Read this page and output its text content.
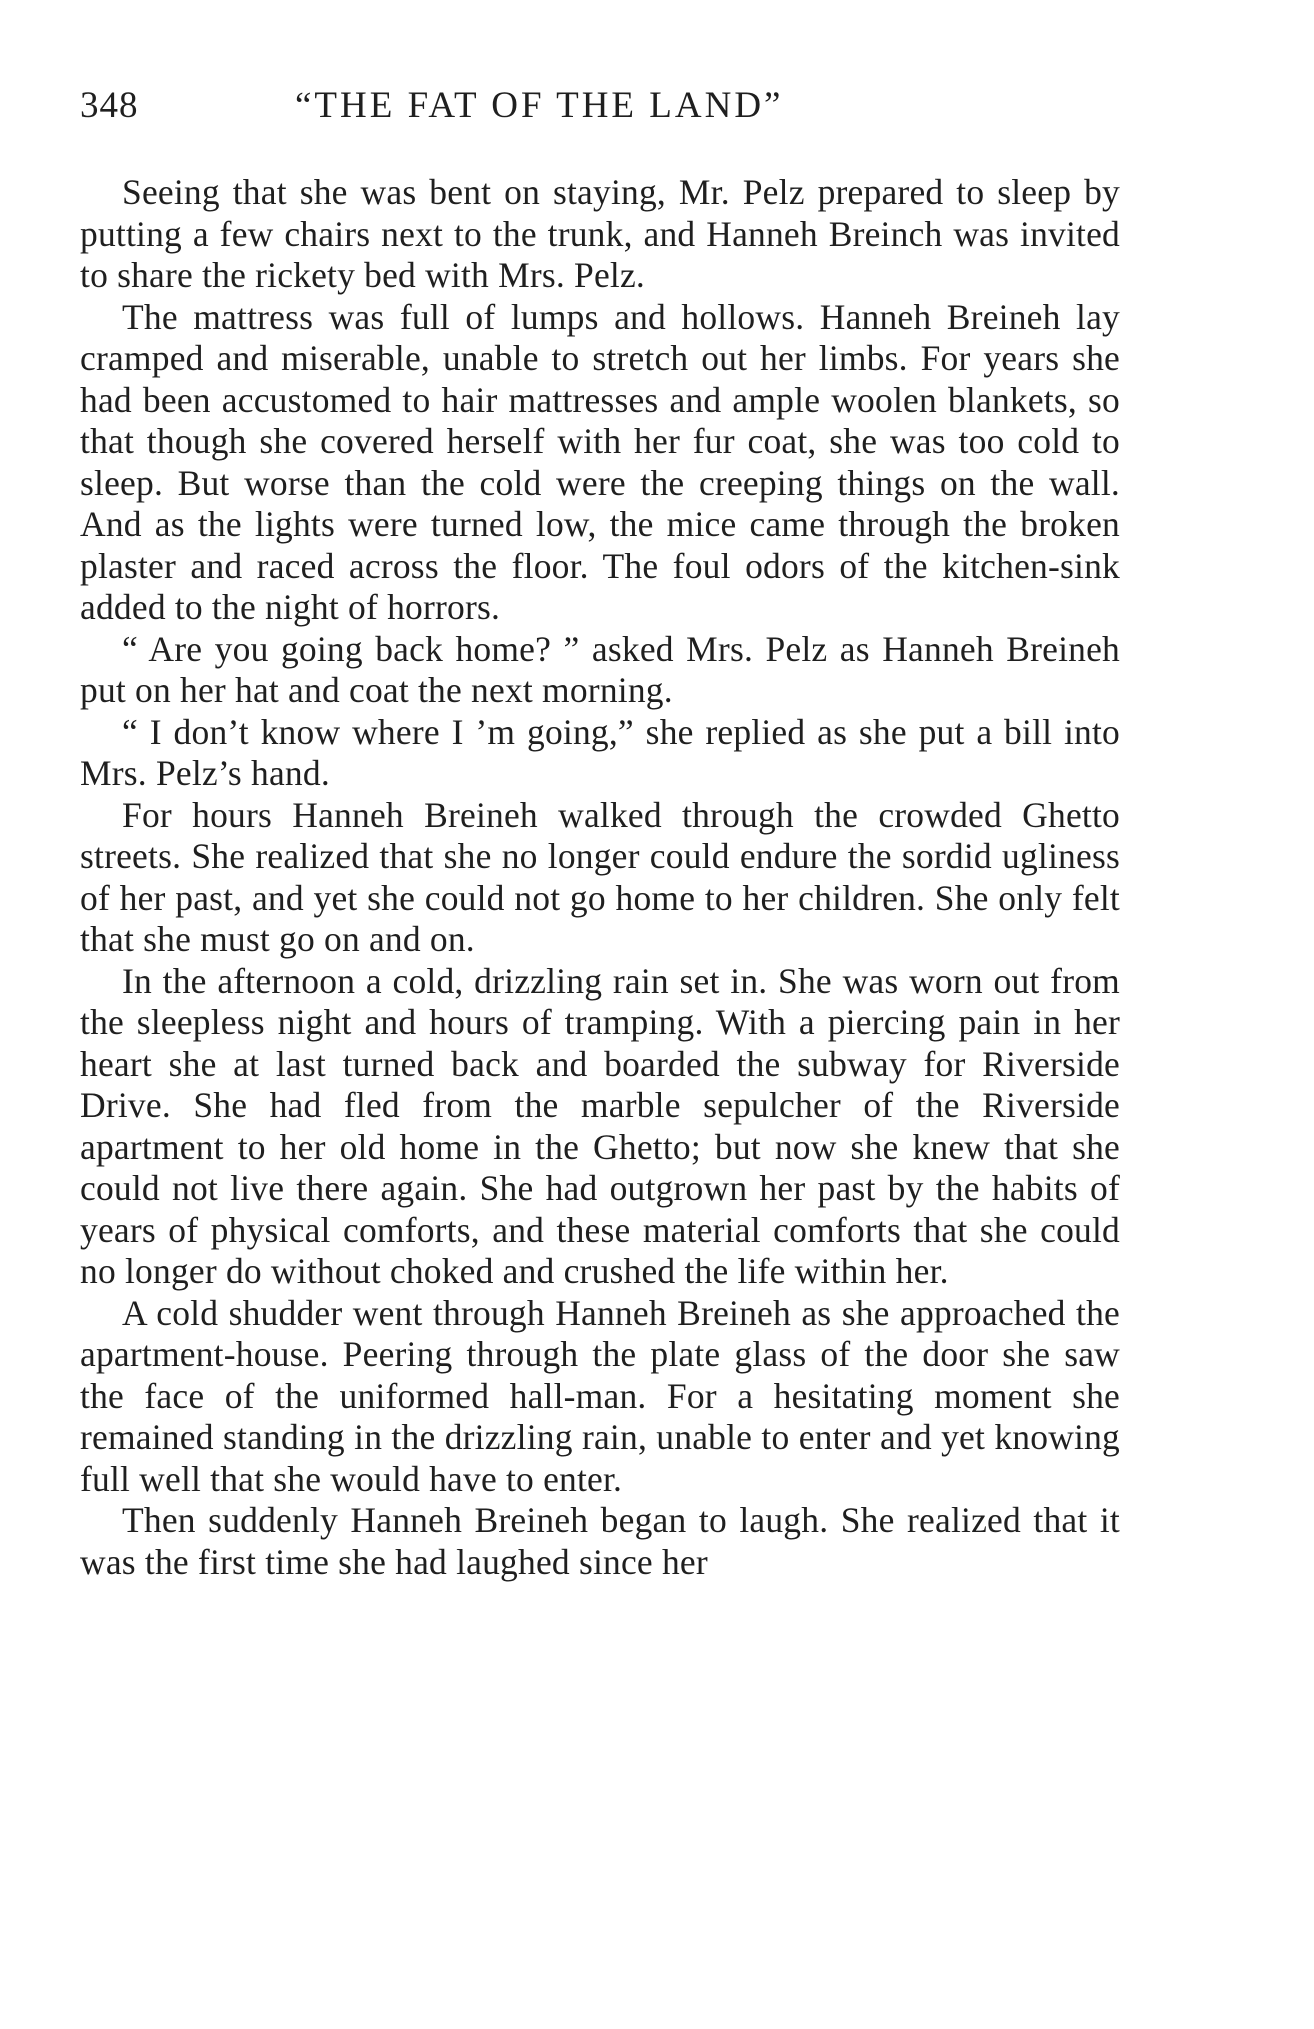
348	“THE FAT OF THE LAND”

Seeing that she was bent on staying, Mr. Pelz prepared to sleep by putting a few chairs next to the trunk, and Hanneh Breinch was invited to share the rickety bed with Mrs. Pelz.

The mattress was full of lumps and hollows. Hanneh Breineh lay cramped and miserable, unable to stretch out her limbs. For years she had been accustomed to hair mattresses and ample woolen blankets, so that though she covered herself with her fur coat, she was too cold to sleep. But worse than the cold were the creeping things on the wall. And as the lights were turned low, the mice came through the broken plaster and raced across the floor. The foul odors of the kitchen-sink added to the night of horrors.

“ Are you going back home? ” asked Mrs. Pelz as Hanneh Breineh put on her hat and coat the next morning.

“ I don’t know where I ’m going,” she replied as she put a bill into Mrs. Pelz’s hand.

For hours Hanneh Breineh walked through the crowded Ghetto streets. She realized that she no longer could endure the sordid ugliness of her past, and yet she could not go home to her children. She only felt that she must go on and on.

In the afternoon a cold, drizzling rain set in. She was worn out from the sleepless night and hours of tramping. With a piercing pain in her heart she at last turned back and boarded the subway for Riverside Drive. She had fled from the marble sepulcher of the Riverside apartment to her old home in the Ghetto; but now she knew that she could not live there again. She had outgrown her past by the habits of years of physical comforts, and these material comforts that she could no longer do without choked and crushed the life within her.

A cold shudder went through Hanneh Breineh as she approached the apartment-house. Peering through the plate glass of the door she saw the face of the uniformed hall-man. For a hesitating moment she remained standing in the drizzling rain, unable to enter and yet knowing full well that she would have to enter.

Then suddenly Hanneh Breineh began to laugh. She realized that it was the first time she had laughed since her
